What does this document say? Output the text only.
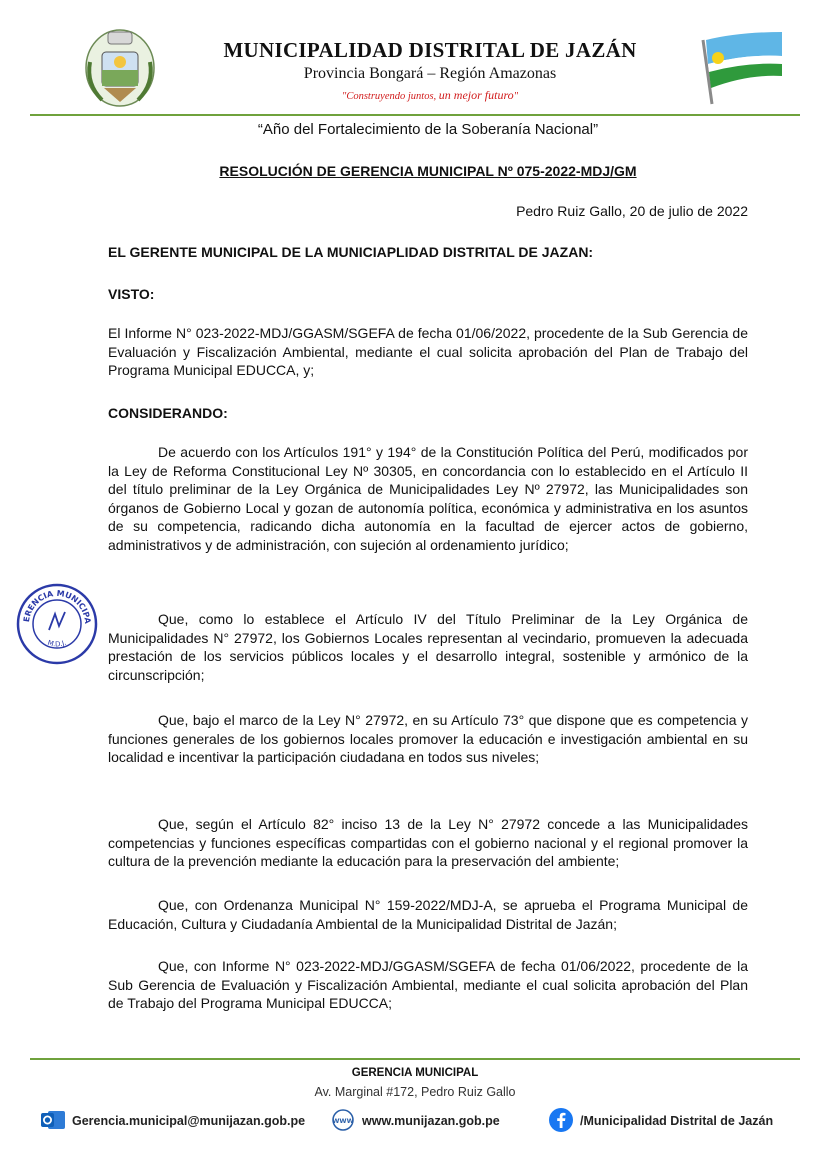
MUNICIPALIDAD DISTRITAL DE JAZÁN
Provincia Bongará – Región Amazonas
"Construyendo juntos, un mejor futuro"
“Año del Fortalecimiento de la Soberanía Nacional”
RESOLUCIÓN DE GERENCIA MUNICIPAL Nº 075-2022-MDJ/GM
Pedro Ruiz Gallo, 20 de julio de 2022
EL GERENTE MUNICIPAL DE LA MUNICIAPLIDAD DISTRITAL DE JAZAN:
VISTO:
El Informe N° 023-2022-MDJ/GGASM/SGEFA de fecha 01/06/2022, procedente de la Sub Gerencia de Evaluación y Fiscalización Ambiental, mediante el cual solicita aprobación del Plan de Trabajo del Programa Municipal EDUCCA, y;
CONSIDERANDO:
De acuerdo con los Artículos 191° y 194° de la Constitución Política del Perú, modificados por la Ley de Reforma Constitucional Ley Nº 30305, en concordancia con lo establecido en el Artículo II del título preliminar de la Ley Orgánica de Municipalidades Ley Nº 27972, las Municipalidades son órganos de Gobierno Local y gozan de autonomía política, económica y administrativa en los asuntos de su competencia, radicando dicha autonomía en la facultad de ejercer actos de gobierno, administrativos y de administración, con sujeción al ordenamiento jurídico;
Que, como lo establece el Artículo IV del Título Preliminar de la Ley Orgánica de Municipalidades N° 27972, los Gobiernos Locales representan al vecindario, promueven la adecuada prestación de los servicios públicos locales y el desarrollo integral, sostenible y armónico de la circunscripción;
Que, bajo el marco de la Ley N° 27972, en su Artículo 73° que dispone que es competencia y funciones generales de los gobiernos locales promover la educación e investigación ambiental en su localidad e incentivar la participación ciudadana en todos sus niveles;
Que, según el Artículo 82° inciso 13 de la Ley N° 27972 concede a las Municipalidades competencias y funciones específicas compartidas con el gobierno nacional y el regional promover la cultura de la prevención mediante la educación para la preservación del ambiente;
Que, con Ordenanza Municipal N° 159-2022/MDJ-A, se aprueba el Programa Municipal de Educación, Cultura y Ciudadanía Ambiental de la Municipalidad Distrital de Jazán;
Que, con Informe N° 023-2022-MDJ/GGASM/SGEFA de fecha 01/06/2022, procedente de la Sub Gerencia de Evaluación y Fiscalización Ambiental, mediante el cual solicita aprobación del Plan de Trabajo del Programa Municipal EDUCCA;
ERENCIA MUNICIPA
M.D.J.
GERENCIA MUNICIPAL
Av. Marginal #172, Pedro Ruiz Gallo
Gerencia.municipal@munijazan.gob.pe	WWW www.munijazan.gob.pe	/Municipalidad Distrital de Jazán
